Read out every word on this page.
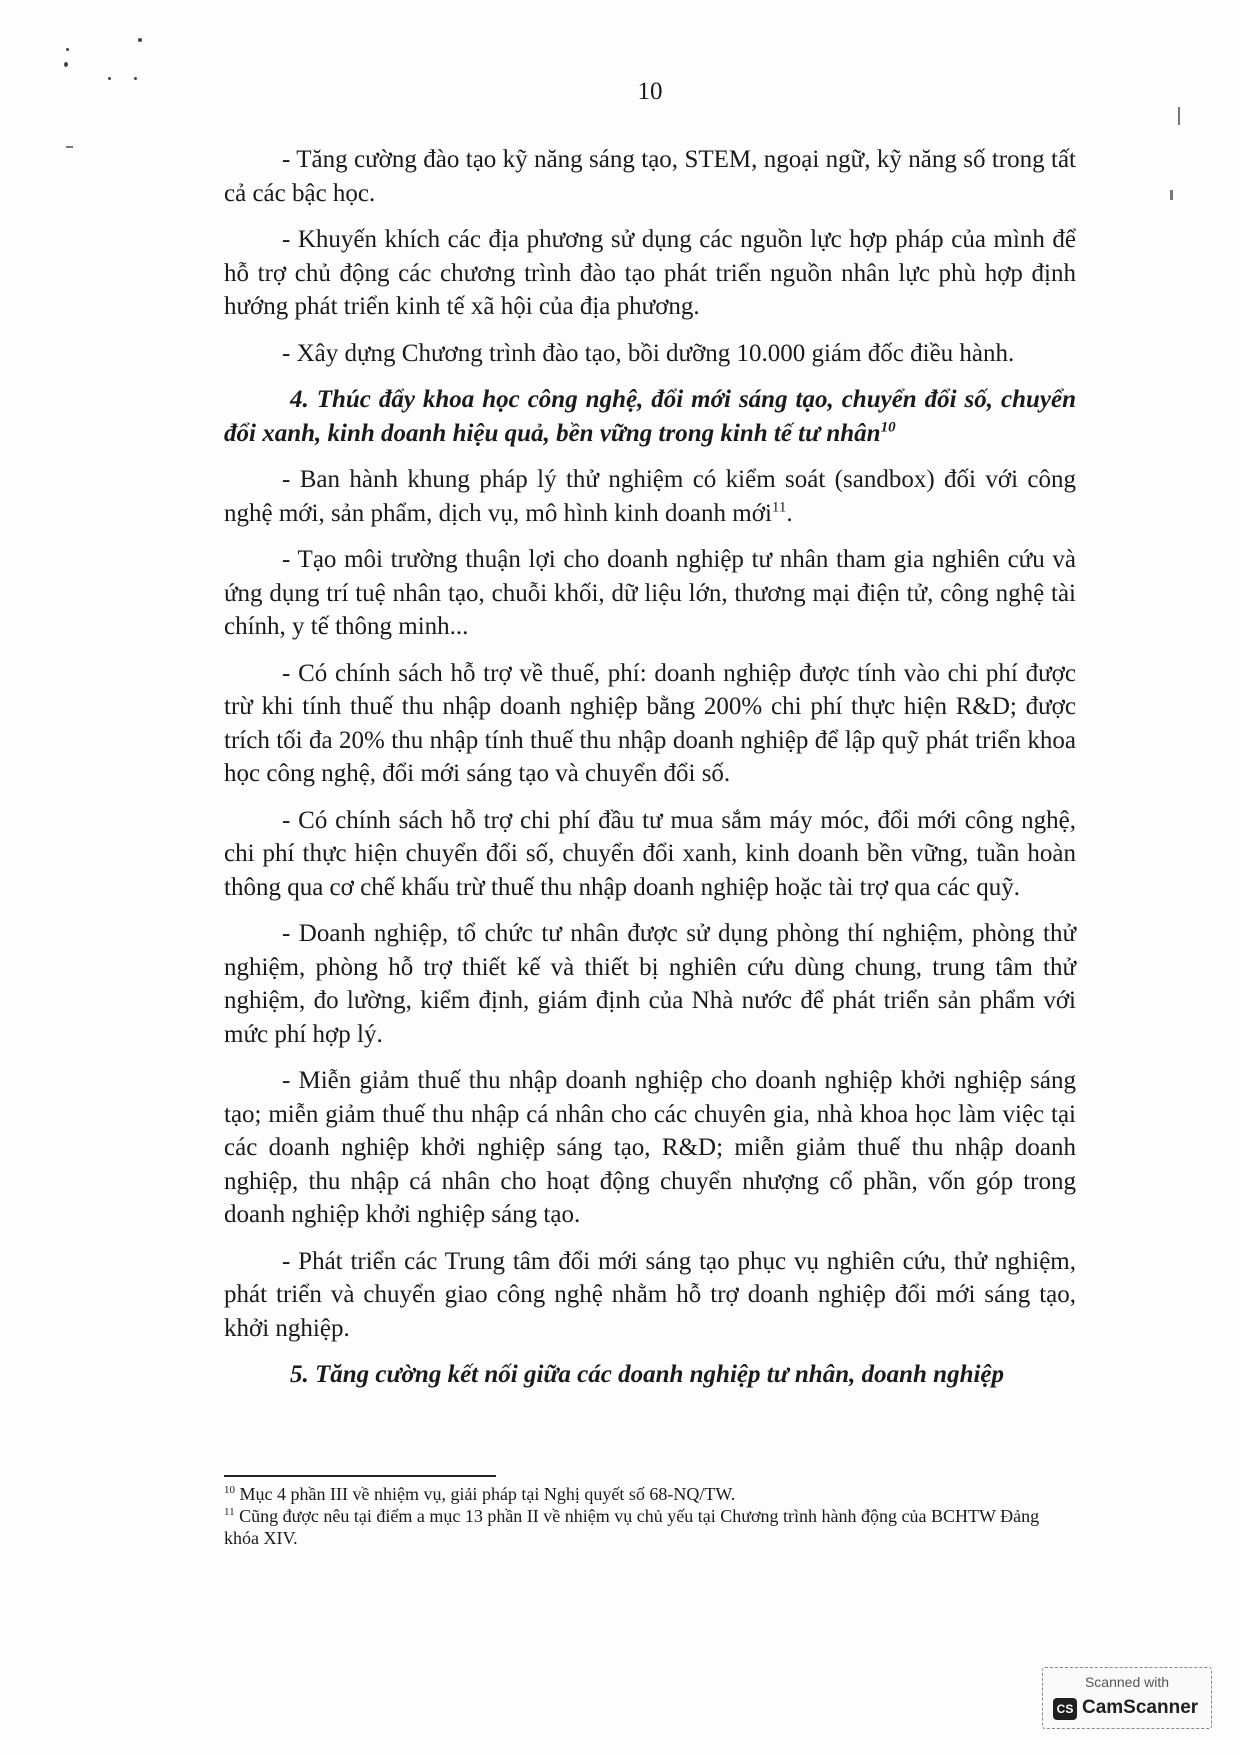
10

- Tăng cường đào tạo kỹ năng sáng tạo, STEM, ngoại ngữ, kỹ năng số trong tất cả các bậc học.

- Khuyến khích các địa phương sử dụng các nguồn lực hợp pháp của mình để hỗ trợ chủ động các chương trình đào tạo phát triển nguồn nhân lực phù hợp định hướng phát triển kinh tế xã hội của địa phương.

- Xây dựng Chương trình đào tạo, bồi dưỡng 10.000 giám đốc điều hành.

4. Thúc đẩy khoa học công nghệ, đổi mới sáng tạo, chuyển đổi số, chuyển đổi xanh, kinh doanh hiệu quả, bền vững trong kinh tế tư nhân$^{10}$

- Ban hành khung pháp lý thử nghiệm có kiểm soát (sandbox) đối với công nghệ mới, sản phẩm, dịch vụ, mô hình kinh doanh mới$^{11}$.

- Tạo môi trường thuận lợi cho doanh nghiệp tư nhân tham gia nghiên cứu và ứng dụng trí tuệ nhân tạo, chuỗi khối, dữ liệu lớn, thương mại điện tử, công nghệ tài chính, y tế thông minh...

- Có chính sách hỗ trợ về thuế, phí: doanh nghiệp được tính vào chi phí được trừ khi tính thuế thu nhập doanh nghiệp bằng 200% chi phí thực hiện R&D; được trích tối đa 20% thu nhập tính thuế thu nhập doanh nghiệp để lập quỹ phát triển khoa học công nghệ, đổi mới sáng tạo và chuyển đổi số.

- Có chính sách hỗ trợ chi phí đầu tư mua sắm máy móc, đổi mới công nghệ, chi phí thực hiện chuyển đổi số, chuyển đổi xanh, kinh doanh bền vững, tuần hoàn thông qua cơ chế khấu trừ thuế thu nhập doanh nghiệp hoặc tài trợ qua các quỹ.

- Doanh nghiệp, tổ chức tư nhân được sử dụng phòng thí nghiệm, phòng thử nghiệm, phòng hỗ trợ thiết kế và thiết bị nghiên cứu dùng chung, trung tâm thử nghiệm, đo lường, kiểm định, giám định của Nhà nước để phát triển sản phẩm với mức phí hợp lý.

- Miễn giảm thuế thu nhập doanh nghiệp cho doanh nghiệp khởi nghiệp sáng tạo; miễn giảm thuế thu nhập cá nhân cho các chuyên gia, nhà khoa học làm việc tại các doanh nghiệp khởi nghiệp sáng tạo, R&D; miễn giảm thuế thu nhập doanh nghiệp, thu nhập cá nhân cho hoạt động chuyển nhượng cổ phần, vốn góp trong doanh nghiệp khởi nghiệp sáng tạo.

- Phát triển các Trung tâm đổi mới sáng tạo phục vụ nghiên cứu, thử nghiệm, phát triển và chuyển giao công nghệ nhằm hỗ trợ doanh nghiệp đổi mới sáng tạo, khởi nghiệp.

5. Tăng cường kết nối giữa các doanh nghiệp tư nhân, doanh nghiệp

$^{10}$ Mục 4 phần III về nhiệm vụ, giải pháp tại Nghị quyết số 68-NQ/TW.

$^{11}$ Cũng được nêu tại điểm a mục 13 phần II về nhiệm vụ chủ yếu tại Chương trình hành động của BCHTW Đảng khóa XIV.

Scanned with
CS CamScanner
